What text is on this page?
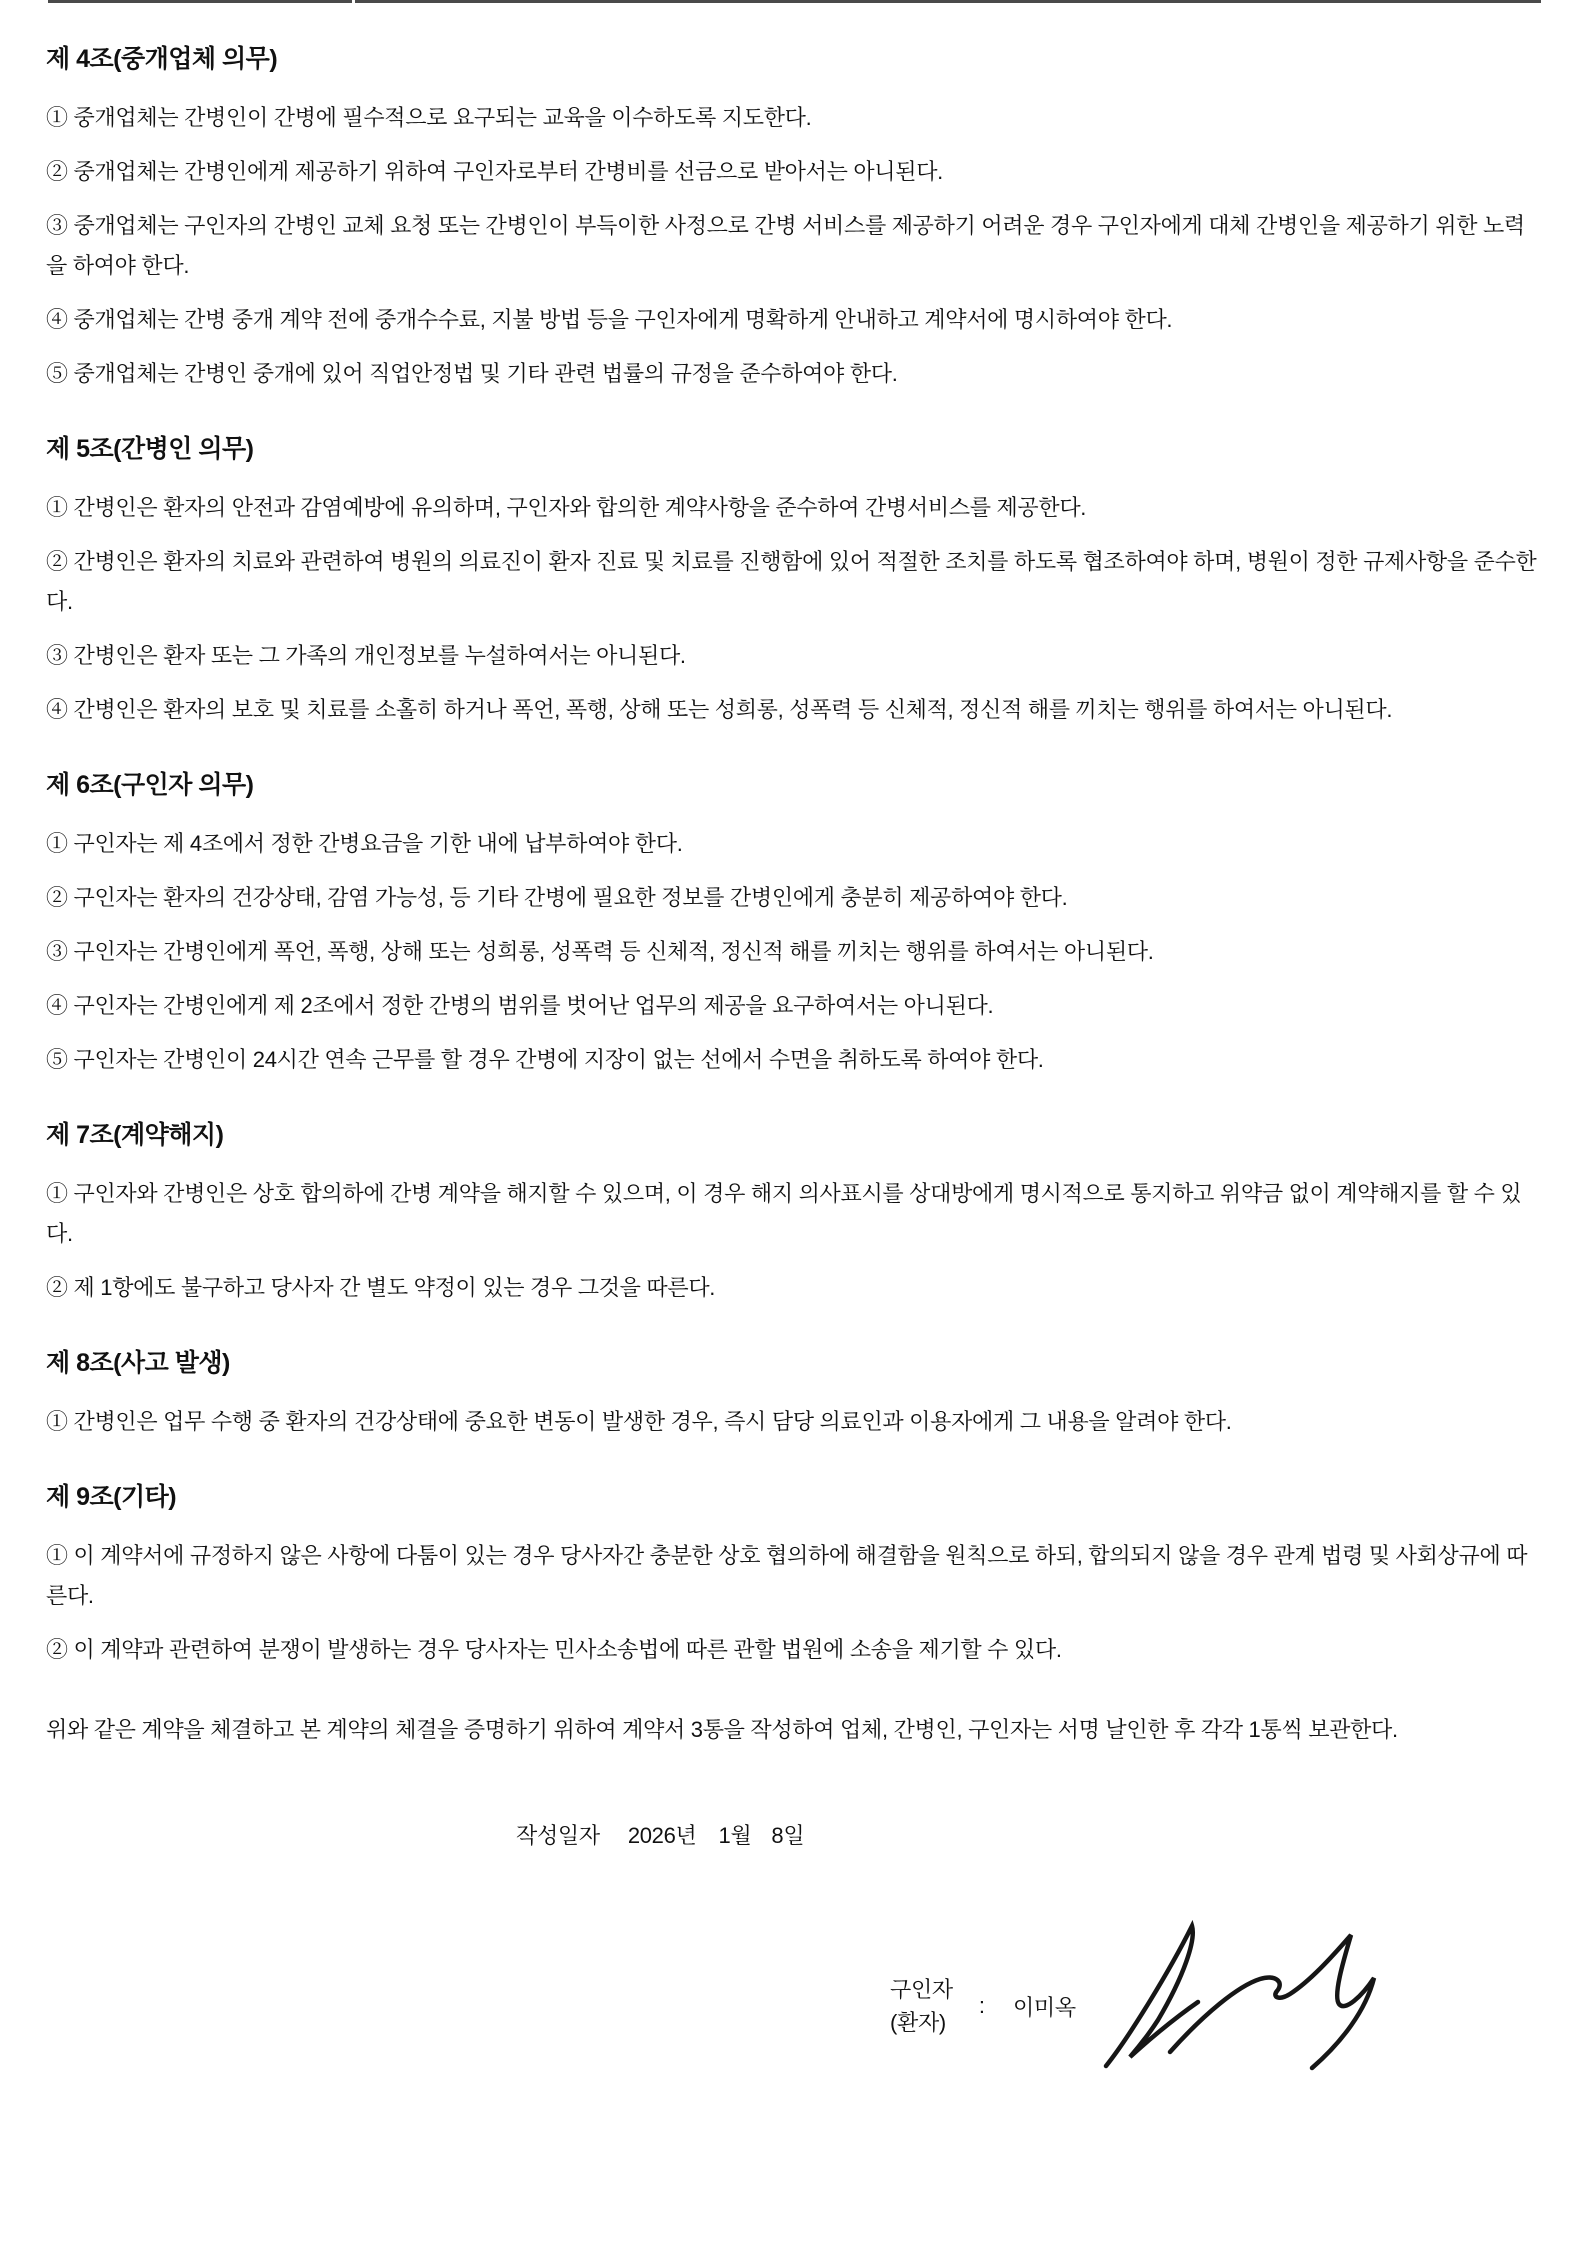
제 4조(중개업체 의무)

① 중개업체는 간병인이 간병에 필수적으로 요구되는 교육을 이수하도록 지도한다.

② 중개업체는 간병인에게 제공하기 위하여 구인자로부터 간병비를 선금으로 받아서는 아니된다.

③ 중개업체는 구인자의 간병인 교체 요청 또는 간병인이 부득이한 사정으로 간병 서비스를 제공하기 어려운 경우 구인자에게 대체 간병인을 제공하기 위한 노력을 하여야 한다.

④ 중개업체는 간병 중개 계약 전에 중개수수료, 지불 방법 등을 구인자에게 명확하게 안내하고 계약서에 명시하여야 한다.

⑤ 중개업체는 간병인 중개에 있어 직업안정법 및 기타 관련 법률의 규정을 준수하여야 한다.

제 5조(간병인 의무)

① 간병인은 환자의 안전과 감염예방에 유의하며, 구인자와 합의한 계약사항을 준수하여 간병서비스를 제공한다.

② 간병인은 환자의 치료와 관련하여 병원의 의료진이 환자 진료 및 치료를 진행함에 있어 적절한 조치를 하도록 협조하여야 하며, 병원이 정한 규제사항을 준수한다.

③ 간병인은 환자 또는 그 가족의 개인정보를 누설하여서는 아니된다.

④ 간병인은 환자의 보호 및 치료를 소홀히 하거나 폭언, 폭행, 상해 또는 성희롱, 성폭력 등 신체적, 정신적 해를 끼치는 행위를 하여서는 아니된다.

제 6조(구인자 의무)

① 구인자는 제 4조에서 정한 간병요금을 기한 내에 납부하여야 한다.

② 구인자는 환자의 건강상태, 감염 가능성, 등 기타 간병에 필요한 정보를 간병인에게 충분히 제공하여야 한다.

③ 구인자는 간병인에게 폭언, 폭행, 상해 또는 성희롱, 성폭력 등 신체적, 정신적 해를 끼치는 행위를 하여서는 아니된다.

④ 구인자는 간병인에게 제 2조에서 정한 간병의 범위를 벗어난 업무의 제공을 요구하여서는 아니된다.

⑤ 구인자는 간병인이 24시간 연속 근무를 할 경우 간병에 지장이 없는 선에서 수면을 취하도록 하여야 한다.

제 7조(계약해지)

① 구인자와 간병인은 상호 합의하에 간병 계약을 해지할 수 있으며, 이 경우 해지 의사표시를 상대방에게 명시적으로 통지하고 위약금 없이 계약해지를 할 수 있다.

② 제 1항에도 불구하고 당사자 간 별도 약정이 있는 경우 그것을 따른다.

제 8조(사고 발생)

① 간병인은 업무 수행 중 환자의 건강상태에 중요한 변동이 발생한 경우, 즉시 담당 의료인과 이용자에게 그 내용을 알려야 한다.

제 9조(기타)

① 이 계약서에 규정하지 않은 사항에 다툼이 있는 경우 당사자간 충분한 상호 협의하에 해결함을 원칙으로 하되, 합의되지 않을 경우 관계 법령 및 사회상규에 따른다.

② 이 계약과 관련하여 분쟁이 발생하는 경우 당사자는 민사소송법에 따른 관할 법원에 소송을 제기할 수 있다.

위와 같은 계약을 체결하고 본 계약의 체결을 증명하기 위하여 계약서 3통을 작성하여 업체, 간병인, 구인자는 서명 날인한 후 각각 1통씩 보관한다.

작성일자 2026년 1월 8일
구인자
(환자)
: 이미옥
